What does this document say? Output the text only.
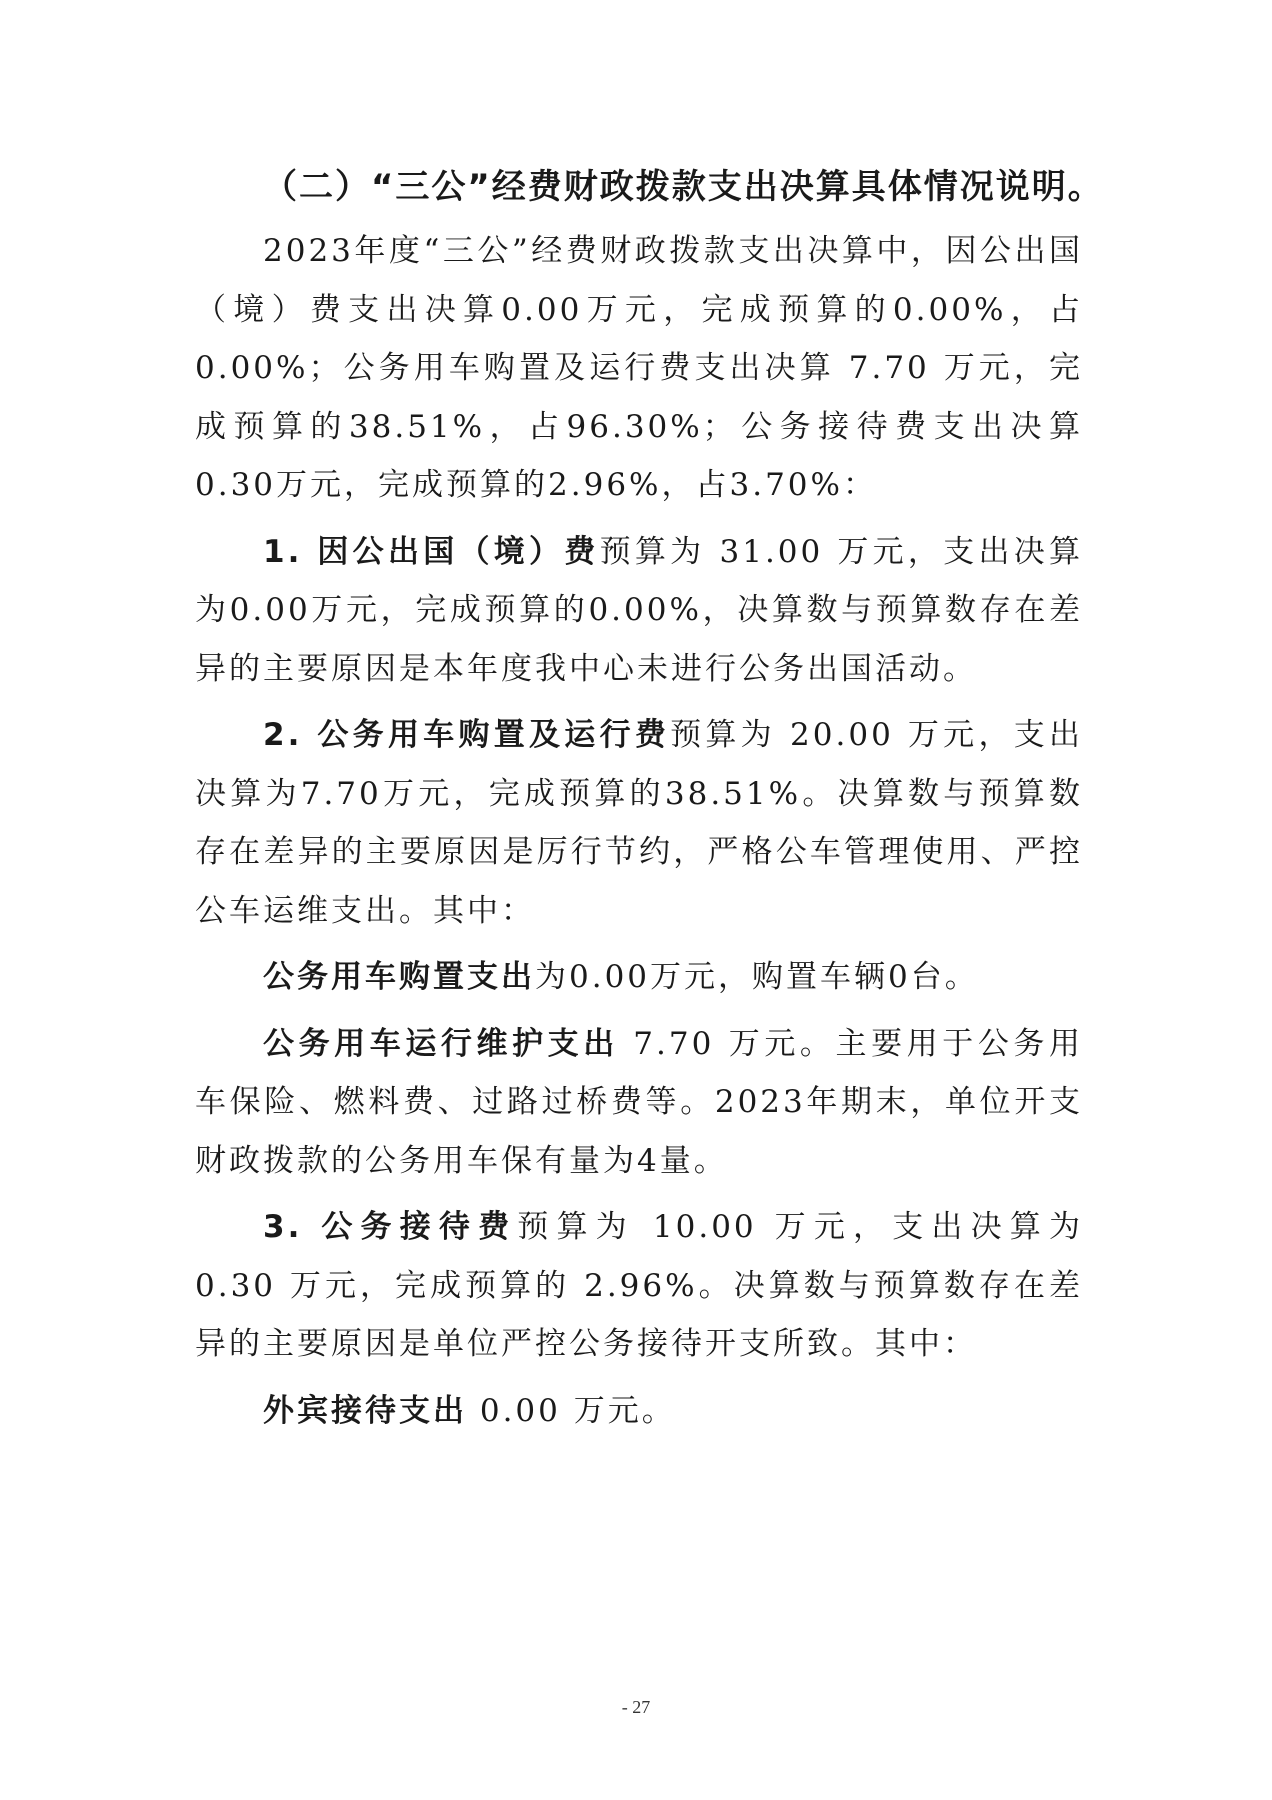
（二）“三公”经费财政拨款支出决算具体情况说明。

2023年度“三公”经费财政拨款支出决算中，因公出国（境）费支出决算0.00万元，完成预算的0.00%，占0.00%；公务用车购置及运行费支出决算 7.70 万元，完成预算的38.51%，占96.30%；公务接待费支出决算0.30万元，完成预算的2.96%，占3.70%：

1. 因公出国（境）费预算为 31.00 万元，支出决算为0.00万元，完成预算的0.00%，决算数与预算数存在差异的主要原因是本年度我中心未进行公务出国活动。

2. 公务用车购置及运行费预算为 20.00 万元，支出决算为7.70万元，完成预算的38.51%。决算数与预算数存在差异的主要原因是厉行节约，严格公车管理使用、严控公车运维支出。其中：

公务用车购置支出为0.00万元，购置车辆0台。

公务用车运行维护支出 7.70 万元。主要用于公务用车保险、燃料费、过路过桥费等。2023年期末，单位开支财政拨款的公务用车保有量为4量。

3. 公务接待费预算为 10.00 万元，支出决算为 0.30 万元，完成预算的 2.96%。决算数与预算数存在差异的主要原因是单位严控公务接待开支所致。其中：

外宾接待支出 0.00 万元。

- 27
